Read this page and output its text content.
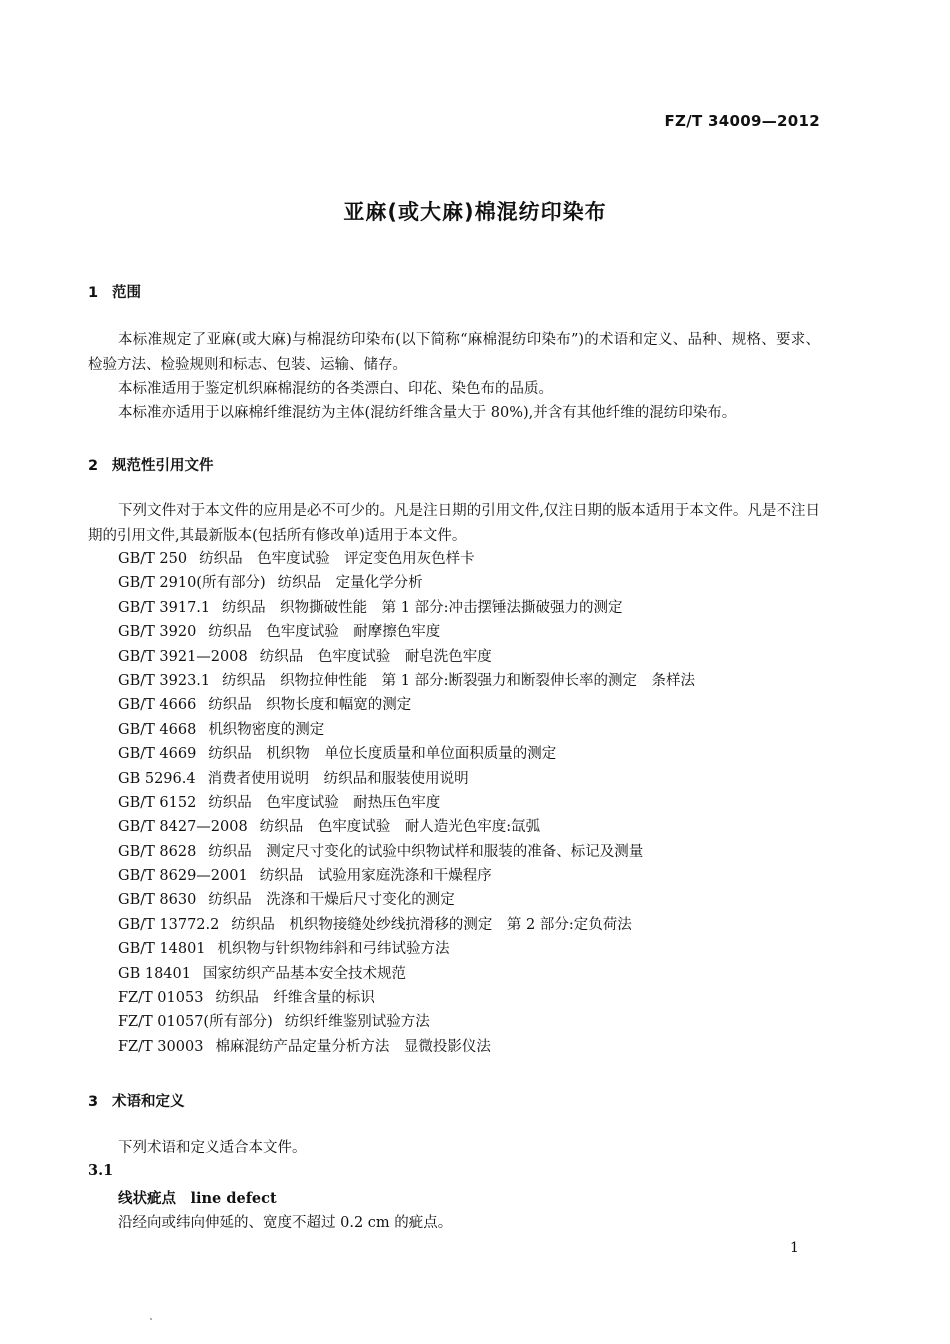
FZ/T 34009—2012
亚麻(或大麻)棉混纺印染布
1 范围

本标准规定了亚麻(或大麻)与棉混纺印染布(以下简称“麻棉混纺印染布”)的术语和定义、品种、规格、要求、检验方法、检验规则和标志、包装、运输、储存。

本标准适用于鉴定机织麻棉混纺的各类漂白、印花、染色布的品质。

本标准亦适用于以麻棉纤维混纺为主体(混纺纤维含量大于 80%),并含有其他纤维的混纺印染布。

2 规范性引用文件

下列文件对于本文件的应用是必不可少的。凡是注日期的引用文件,仅注日期的版本适用于本文件。凡是不注日期的引用文件,其最新版本(包括所有修改单)适用于本文件。

GB/T 250 纺织品　色牢度试验　评定变色用灰色样卡
GB/T 2910(所有部分) 纺织品　定量化学分析
GB/T 3917.1 纺织品　织物撕破性能　第 1 部分:冲击摆锤法撕破强力的测定
GB/T 3920 纺织品　色牢度试验　耐摩擦色牢度
GB/T 3921—2008 纺织品　色牢度试验　耐皂洗色牢度
GB/T 3923.1 纺织品　织物拉伸性能　第 1 部分:断裂强力和断裂伸长率的测定　条样法
GB/T 4666 纺织品　织物长度和幅宽的测定
GB/T 4668 机织物密度的测定
GB/T 4669 纺织品　机织物　单位长度质量和单位面积质量的测定
GB 5296.4 消费者使用说明　纺织品和服装使用说明
GB/T 6152 纺织品　色牢度试验　耐热压色牢度
GB/T 8427—2008 纺织品　色牢度试验　耐人造光色牢度:氙弧
GB/T 8628 纺织品　测定尺寸变化的试验中织物试样和服装的准备、标记及测量
GB/T 8629—2001 纺织品　试验用家庭洗涤和干燥程序
GB/T 8630 纺织品　洗涤和干燥后尺寸变化的测定
GB/T 13772.2 纺织品　机织物接缝处纱线抗滑移的测定　第 2 部分:定负荷法
GB/T 14801 机织物与针织物纬斜和弓纬试验方法
GB 18401 国家纺织产品基本安全技术规范
FZ/T 01053 纺织品　纤维含量的标识
FZ/T 01057(所有部分) 纺织纤维鉴别试验方法
FZ/T 30003 棉麻混纺产品定量分析方法　显微投影仪法
3 术语和定义

下列术语和定义适合本文件。

3.1
线状疵点　 line defect
沿经向或纬向伸延的、宽度不超过 0.2 cm 的疵点。
1
